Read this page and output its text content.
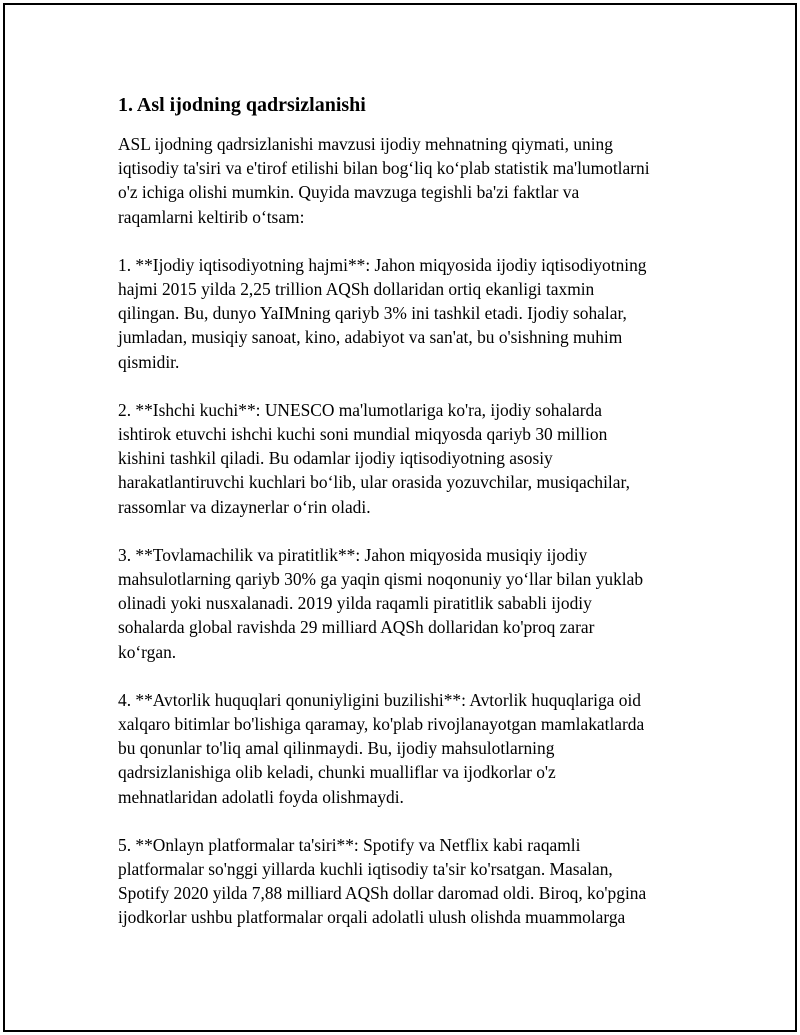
1. Asl ijodning qadrsizlanishi

ASL ijodning qadrsizlanishi mavzusi ijodiy mehnatning qiymati, uning
iqtisodiy ta'siri va e'tirof etilishi bilan bog‘liq ko‘plab statistik ma'lumotlarni
o'z ichiga olishi mumkin. Quyida mavzuga tegishli ba'zi faktlar va
raqamlarni keltirib o‘tsam:

1. **Ijodiy iqtisodiyotning hajmi**: Jahon miqyosida ijodiy iqtisodiyotning
hajmi 2015 yilda 2,25 trillion AQSh dollaridan ortiq ekanligi taxmin
qilingan. Bu, dunyo YaIMning qariyb 3% ini tashkil etadi. Ijodiy sohalar,
jumladan, musiqiy sanoat, kino, adabiyot va san'at, bu o'sishning muhim
qismidir.

2. **Ishchi kuchi**: UNESCO ma'lumotlariga ko'ra, ijodiy sohalarda
ishtirok etuvchi ishchi kuchi soni mundial miqyosda qariyb 30 million
kishini tashkil qiladi. Bu odamlar ijodiy iqtisodiyotning asosiy
harakatlantiruvchi kuchlari bo‘lib, ular orasida yozuvchilar, musiqachilar,
rassomlar va dizaynerlar o‘rin oladi.

3. **Tovlamachilik va piratitlik**: Jahon miqyosida musiqiy ijodiy
mahsulotlarning qariyb 30% ga yaqin qismi noqonuniy yo‘llar bilan yuklab
olinadi yoki nusxalanadi. 2019 yilda raqamli piratitlik sababli ijodiy
sohalarda global ravishda 29 milliard AQSh dollaridan ko'proq zarar
ko‘rgan.

4. **Avtorlik huquqlari qonuniyligini buzilishi**: Avtorlik huquqlariga oid
xalqaro bitimlar bo'lishiga qaramay, ko'plab rivojlanayotgan mamlakatlarda
bu qonunlar to'liq amal qilinmaydi. Bu, ijodiy mahsulotlarning
qadrsizlanishiga olib keladi, chunki mualliflar va ijodkorlar o'z
mehnatlaridan adolatli foyda olishmaydi.

5. **Onlayn platformalar ta'siri**: Spotify va Netflix kabi raqamli
platformalar so'nggi yillarda kuchli iqtisodiy ta'sir ko'rsatgan. Masalan,
Spotify 2020 yilda 7,88 milliard AQSh dollar daromad oldi. Biroq, ko'pgina
ijodkorlar ushbu platformalar orqali adolatli ulush olishda muammolarga
